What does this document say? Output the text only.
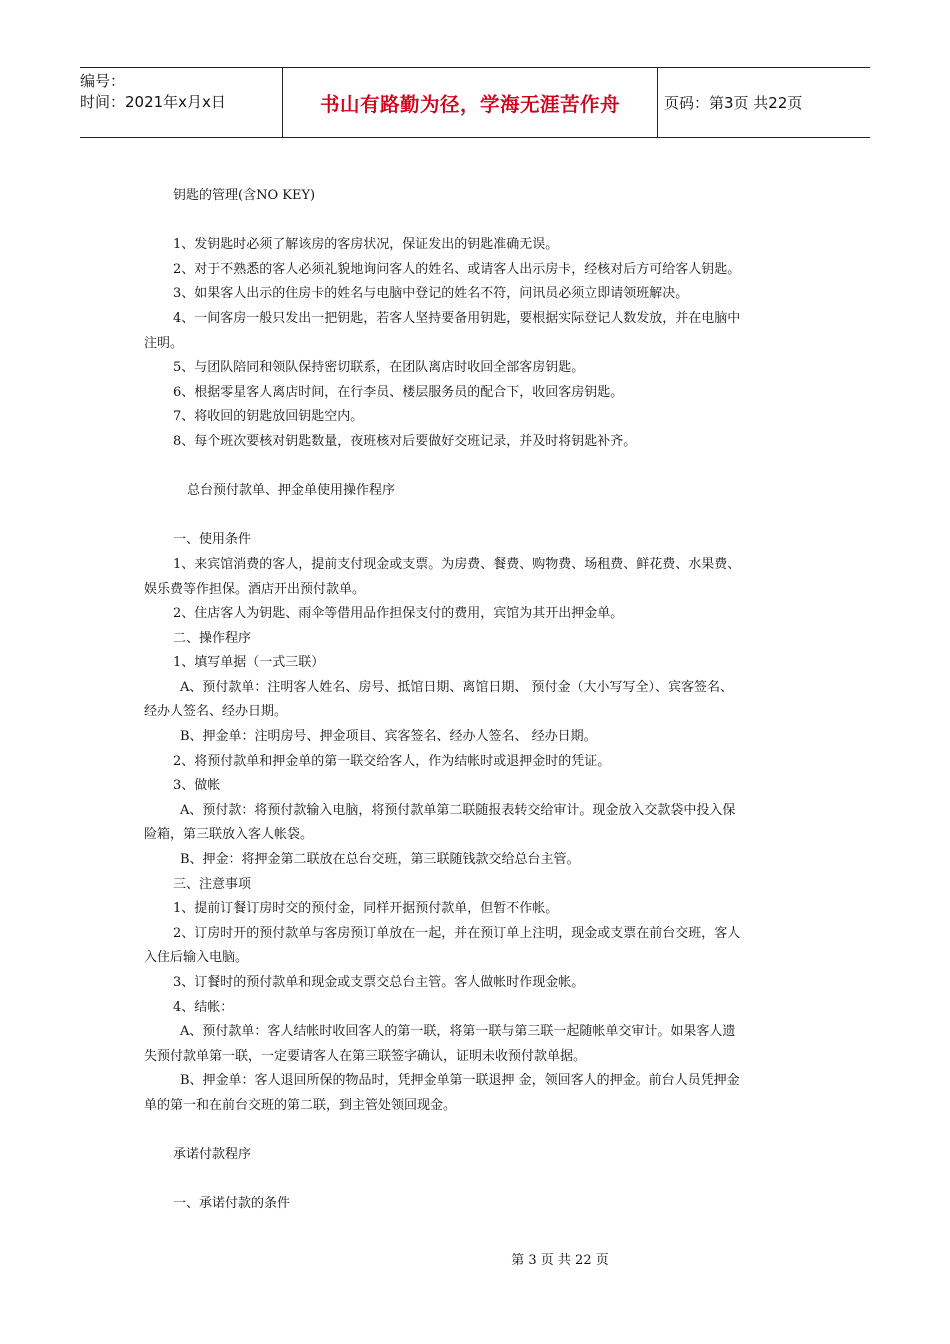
编号：
时间：2021年x月x日	书山有路勤为径，学海无涯苦作舟	页码：第3页 共22页
钥匙的管理(含NO KEY)
1、发钥匙时必须了解该房的客房状况，保证发出的钥匙准确无误。
2、对于不熟悉的客人必须礼貌地询问客人的姓名、或请客人出示房卡，经核对后方可给客人钥匙。
3、如果客人出示的住房卡的姓名与电脑中登记的姓名不符，问讯员必须立即请领班解决。
4、一间客房一般只发出一把钥匙，若客人坚持要备用钥匙，要根据实际登记人数发放，并在电脑中
注明。
5、与团队陪同和领队保持密切联系，在团队离店时收回全部客房钥匙。
6、根据零星客人离店时间，在行李员、楼层服务员的配合下，收回客房钥匙。
7、将收回的钥匙放回钥匙空内。
8、每个班次要核对钥匙数量，夜班核对后要做好交班记录，并及时将钥匙补齐。
总台预付款单、押金单使用操作程序
一、使用条件
1、来宾馆消费的客人，提前支付现金或支票。为房费、餐费、购物费、场租费、鲜花费、水果费、
娱乐费等作担保。酒店开出预付款单。
2、住店客人为钥匙、雨伞等借用品作担保支付的费用，宾馆为其开出押金单。
二、操作程序
1、填写单据（一式三联）
A、预付款单：注明客人姓名、房号、抵馆日期、离馆日期、 预付金（大小写写全）、宾客签名、
经办人签名、经办日期。
B、押金单：注明房号、押金项目、宾客签名、经办人签名、 经办日期。
2、将预付款单和押金单的第一联交给客人，作为结帐时或退押金时的凭证。
3、做帐
A、预付款：将预付款输入电脑，将预付款单第二联随报表转交给审计。现金放入交款袋中投入保
险箱，第三联放入客人帐袋。
B、押金：将押金第二联放在总台交班，第三联随钱款交给总台主管。
三、注意事项
1、提前订餐订房时交的预付金，同样开据预付款单，但暂不作帐。
2、订房时开的预付款单与客房预订单放在一起，并在预订单上注明，现金或支票在前台交班，客人
入住后输入电脑。
3、订餐时的预付款单和现金或支票交总台主管。客人做帐时作现金帐。
4、结帐：
A、预付款单：客人结帐时收回客人的第一联，将第一联与第三联一起随帐单交审计。如果客人遗
失预付款单第一联，一定要请客人在第三联签字确认，证明未收预付款单据。
B、押金单：客人退回所保的物品时，凭押金单第一联退押 金，领回客人的押金。前台人员凭押金
单的第一和在前台交班的第二联，到主管处领回现金。
承诺付款程序
一、承诺付款的条件
第 3 页 共 22 页
